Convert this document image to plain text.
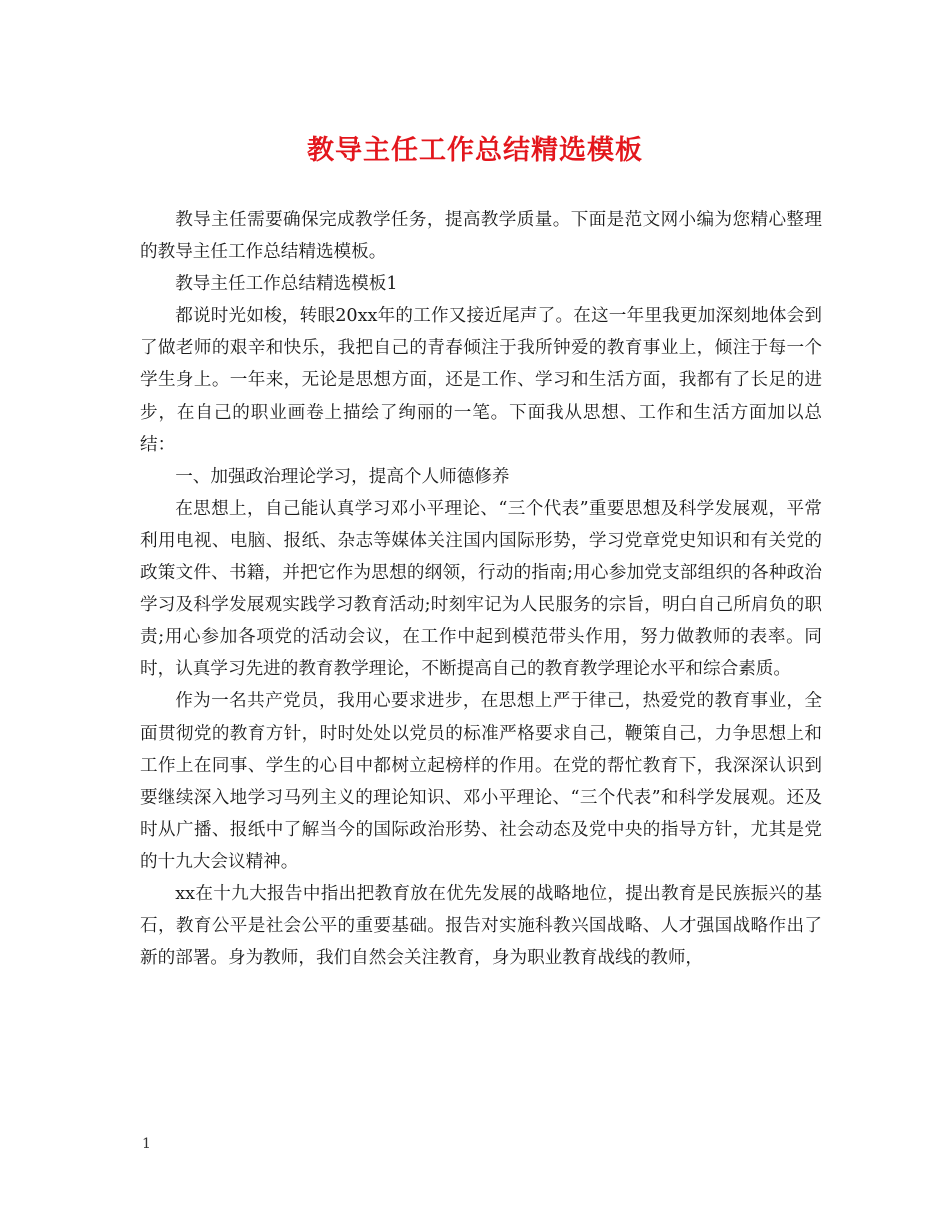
教导主任工作总结精选模板

教导主任需要确保完成教学任务，提高教学质量。下面是范文网小编为您精心整理的教导主任工作总结精选模板。

教导主任工作总结精选模板1

都说时光如梭，转眼20xx年的工作又接近尾声了。在这一年里我更加深刻地体会到了做老师的艰辛和快乐，我把自己的青春倾注于我所钟爱的教育事业上，倾注于每一个学生身上。一年来，无论是思想方面，还是工作、学习和生活方面，我都有了长足的进步，在自己的职业画卷上描绘了绚丽的一笔。下面我从思想、工作和生活方面加以总结：

一、加强政治理论学习，提高个人师德修养

在思想上，自己能认真学习邓小平理论、“三个代表”重要思想及科学发展观，平常利用电视、电脑、报纸、杂志等媒体关注国内国际形势，学习党章党史知识和有关党的政策文件、书籍，并把它作为思想的纲领，行动的指南;用心参加党支部组织的各种政治学习及科学发展观实践学习教育活动;时刻牢记为人民服务的宗旨，明白自己所肩负的职责;用心参加各项党的活动会议，在工作中起到模范带头作用，努力做教师的表率。同时，认真学习先进的教育教学理论，不断提高自己的教育教学理论水平和综合素质。

作为一名共产党员，我用心要求进步，在思想上严于律己，热爱党的教育事业，全面贯彻党的教育方针，时时处处以党员的标准严格要求自己，鞭策自己，力争思想上和工作上在同事、学生的心目中都树立起榜样的作用。在党的帮忙教育下，我深深认识到要继续深入地学习马列主义的理论知识、邓小平理论、“三个代表”和科学发展观。还及时从广播、报纸中了解当今的国际政治形势、社会动态及党中央的指导方针，尤其是党的十九大会议精神。

xx在十九大报告中指出把教育放在优先发展的战略地位，提出教育是民族振兴的基石，教育公平是社会公平的重要基础。报告对实施科教兴国战略、人才强国战略作出了新的部署。身为教师，我们自然会关注教育，身为职业教育战线的教师，

1
